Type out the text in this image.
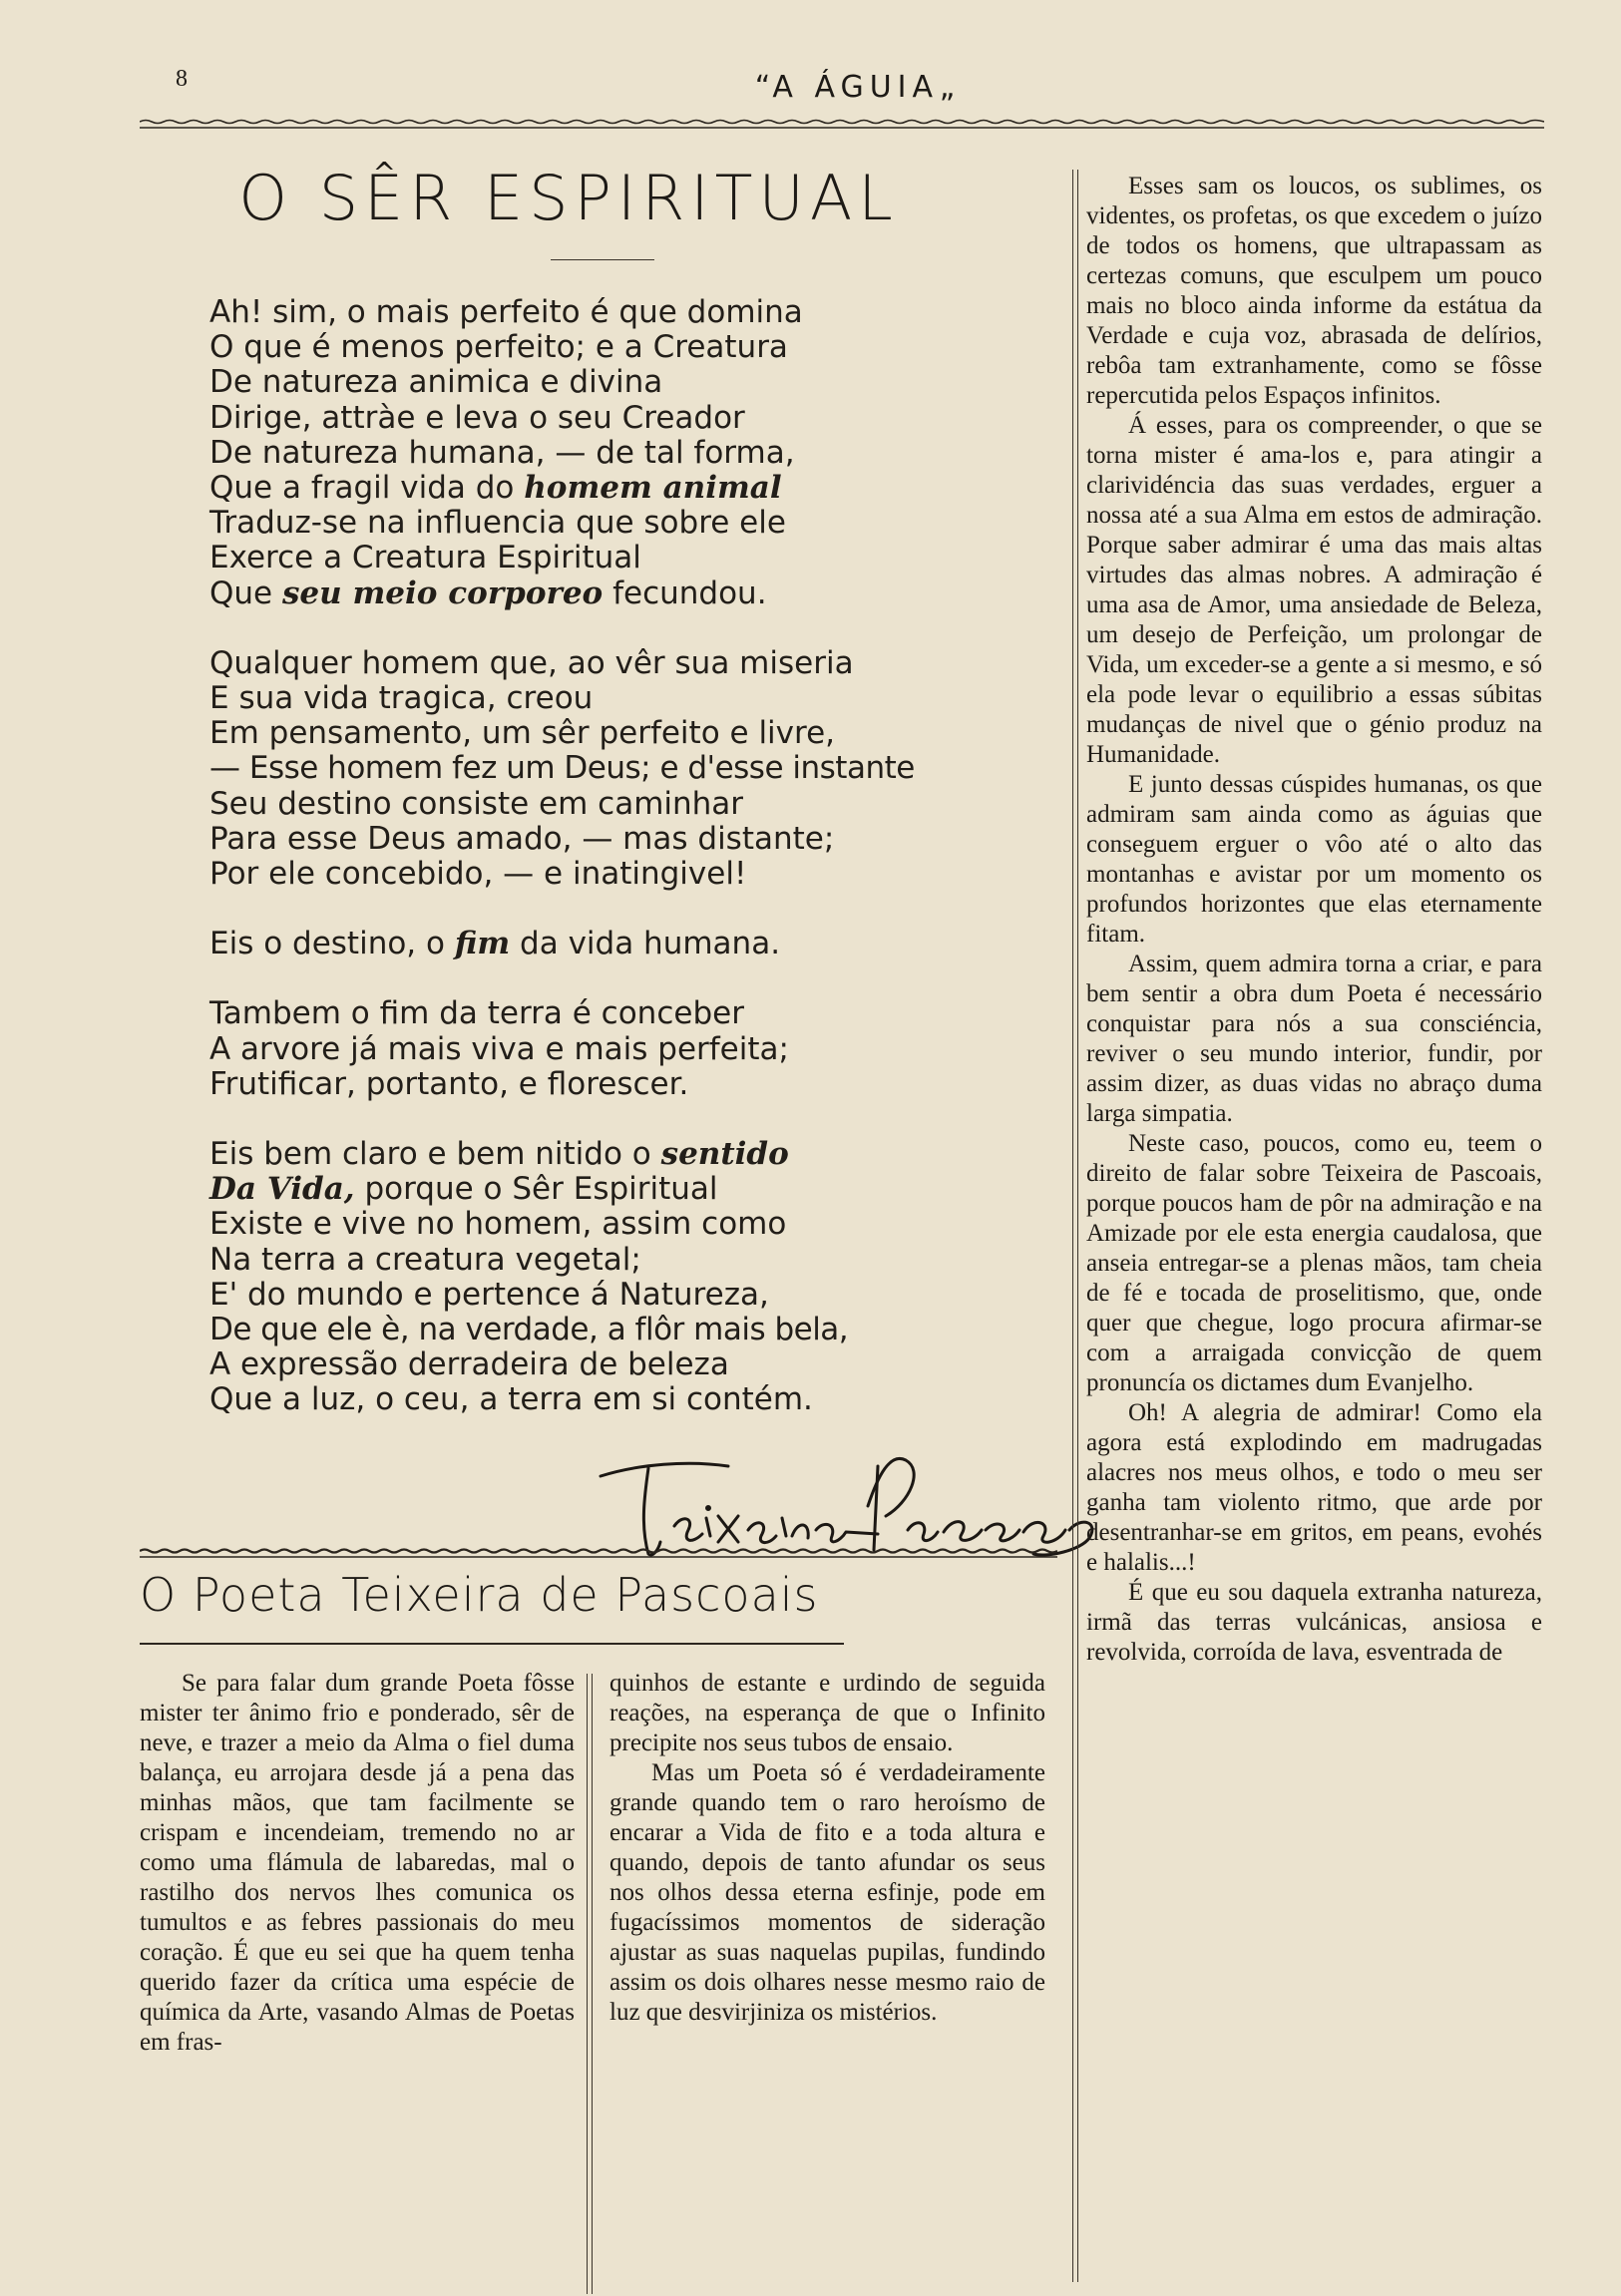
8	“A ÁGUIA„
O SÊR ESPIRITUAL
Ah! sim, o mais perfeito é que domina
O que é menos perfeito; e a Creatura
De natureza animica e divina
Dirige, attràe e leva o seu Creador
De natureza humana, — de tal forma,
Que a fragil vida do homem animal
Traduz-se na influencia que sobre ele
Exerce a Creatura Espiritual
Que seu meio corporeo fecundou.
Qualquer homem que, ao vêr sua miseria
E sua vida tragica, creou
Em pensamento, um sêr perfeito e livre,
— Esse homem fez um Deus; e d'esse instante
Seu destino consiste em caminhar
Para esse Deus amado, — mas distante;
Por ele concebido, — e inatingivel!
Eis o destino, o fim da vida humana.
Tambem o fim da terra é conceber
A arvore já mais viva e mais perfeita;
Frutificar, portanto, e florescer.
Eis bem claro e bem nitido o sentido
Da Vida, porque o Sêr Espiritual
Existe e vive no homem, assim como
Na terra a creatura vegetal;
E' do mundo e pertence á Natureza,
De que ele è, na verdade, a flôr mais bela,
A expressão derradeira de beleza
Que a luz, o ceu, a terra em si contém.
O Poeta Teixeira de Pascoais

Se para falar dum grande Poeta fôsse mister ter ânimo frio e ponderado, sêr de neve, e trazer a meio da Alma o fiel duma balança, eu arrojara desde já a pena das minhas mãos, que tam facilmente se crispam e incendeiam, tremendo no ar como uma flámula de labaredas, mal o rastilho dos nervos lhes comunica os tumultos e as febres passionais do meu coração. É que eu sei que ha quem tenha querido fazer da crítica uma espécie de química da Arte, vasando Almas de Poetas em fras-

quinhos de estante e urdindo de seguida reações, na esperança de que o Infinito precipite nos seus tubos de ensaio.

Mas um Poeta só é verdadeiramente grande quando tem o raro heroísmo de encarar a Vida de fito e a toda altura e quando, depois de tanto afundar os seus nos olhos dessa eterna esfinje, pode em fugacíssimos momentos de sideração ajustar as suas naquelas pupilas, fundindo assim os dois olhares nesse mesmo raio de luz que desvirjiniza os mistérios.

Esses sam os loucos, os sublimes, os videntes, os profetas, os que excedem o juízo de todos os homens, que ultrapassam as certezas comuns, que esculpem um pouco mais no bloco ainda informe da estátua da Verdade e cuja voz, abrasada de delírios, rebôa tam extranhamente, como se fôsse repercutida pelos Espaços infinitos.

Á esses, para os compreender, o que se torna mister é ama-los e, para atingir a clarividéncia das suas verdades, erguer a nossa até a sua Alma em estos de admiração. Porque saber admirar é uma das mais altas virtudes das almas nobres. A admiração é uma asa de Amor, uma ansiedade de Beleza, um desejo de Perfeição, um prolongar de Vida, um exceder-se a gente a si mesmo, e só ela pode levar o equilibrio a essas súbitas mudanças de nivel que o génio produz na Humanidade.

E junto dessas cúspides humanas, os que admiram sam ainda como as águias que conseguem erguer o vôo até o alto das montanhas e avistar por um momento os profundos horizontes que elas eternamente fitam.

Assim, quem admira torna a criar, e para bem sentir a obra dum Poeta é necessário conquistar para nós a sua consciéncia, reviver o seu mundo interior, fundir, por assim dizer, as duas vidas no abraço duma larga simpatia.

Neste caso, poucos, como eu, teem o direito de falar sobre Teixeira de Pascoais, porque poucos ham de pôr na admiração e na Amizade por ele esta energia caudalosa, que anseia entregar-se a plenas mãos, tam cheia de fé e tocada de proselitismo, que, onde quer que chegue, logo procura afirmar-se com a arraigada convicção de quem pronuncía os dictames dum Evanjelho.

Oh! A alegria de admirar! Como ela agora está explodindo em madrugadas alacres nos meus olhos, e todo o meu ser ganha tam violento ritmo, que arde por desentranhar-se em gritos, em peans, evohés e halalis...!

É que eu sou daquela extranha natureza, irmã das terras vulcánicas, ansiosa e revolvida, corroída de lava, esventrada de
